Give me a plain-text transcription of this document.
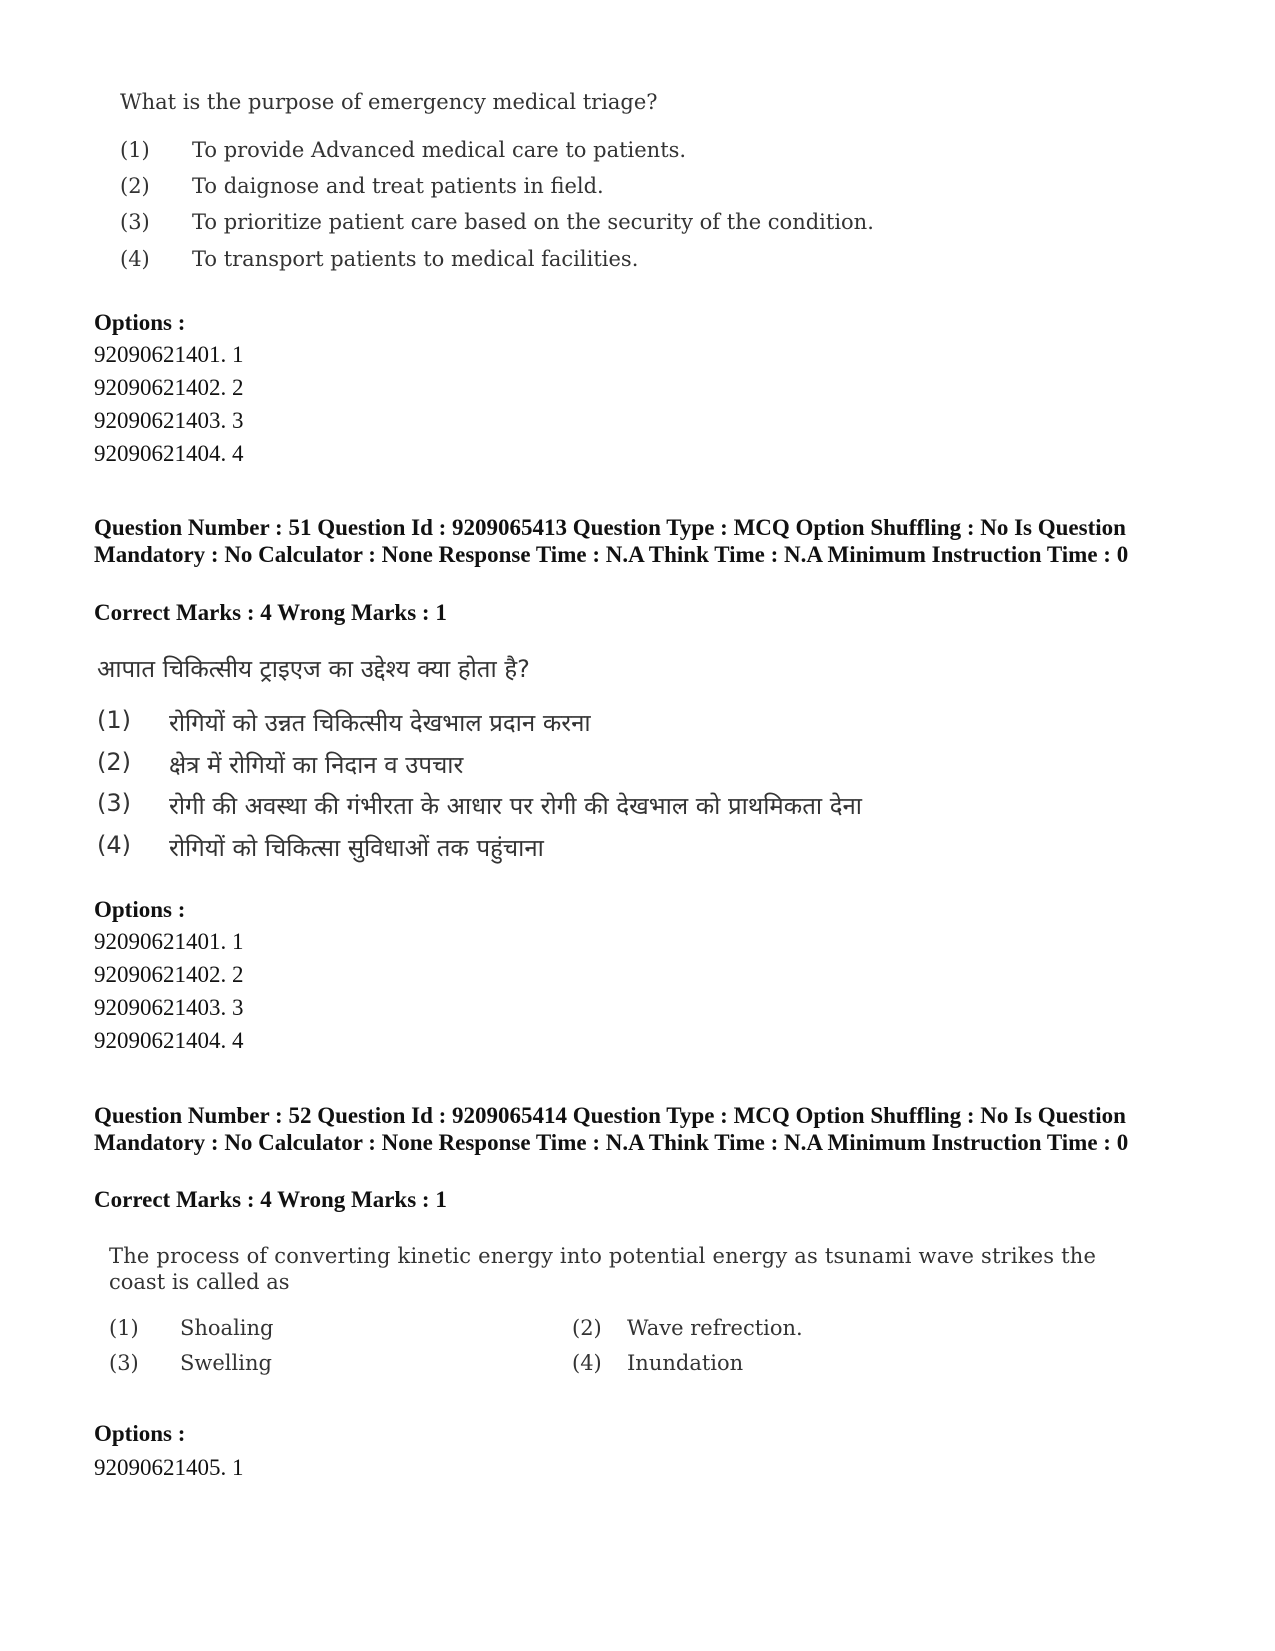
What is the purpose of emergency medical triage?
(1) To provide Advanced medical care to patients.
(2) To daignose and treat patients in field.
(3) To prioritize patient care based on the security of the condition.
(4) To transport patients to medical facilities.
Options :
92090621401. 1
92090621402. 2
92090621403. 3
92090621404. 4
Question Number : 51 Question Id : 9209065413 Question Type : MCQ Option Shuffling : No Is Question Mandatory : No Calculator : None Response Time : N.A Think Time : N.A Minimum Instruction Time : 0
Correct Marks : 4 Wrong Marks : 1
आपात चिकित्सीय ट्राइएज का उद्देश्य क्या होता है?
(1) रोगियों को उन्नत चिकित्सीय देखभाल प्रदान करना
(2) क्षेत्र में रोगियों का निदान व उपचार
(3) रोगी की अवस्था की गंभीरता के आधार पर रोगी की देखभाल को प्राथमिकता देना
(4) रोगियों को चिकित्सा सुविधाओं तक पहुंचाना
Options :
92090621401. 1
92090621402. 2
92090621403. 3
92090621404. 4
Question Number : 52 Question Id : 9209065414 Question Type : MCQ Option Shuffling : No Is Question Mandatory : No Calculator : None Response Time : N.A Think Time : N.A Minimum Instruction Time : 0
Correct Marks : 4 Wrong Marks : 1
The process of converting kinetic energy into potential energy as tsunami wave strikes the
coast is called as
(1) Shoaling	(2) Wave refrection.
(3) Swelling	(4) Inundation
Options :
92090621405. 1
